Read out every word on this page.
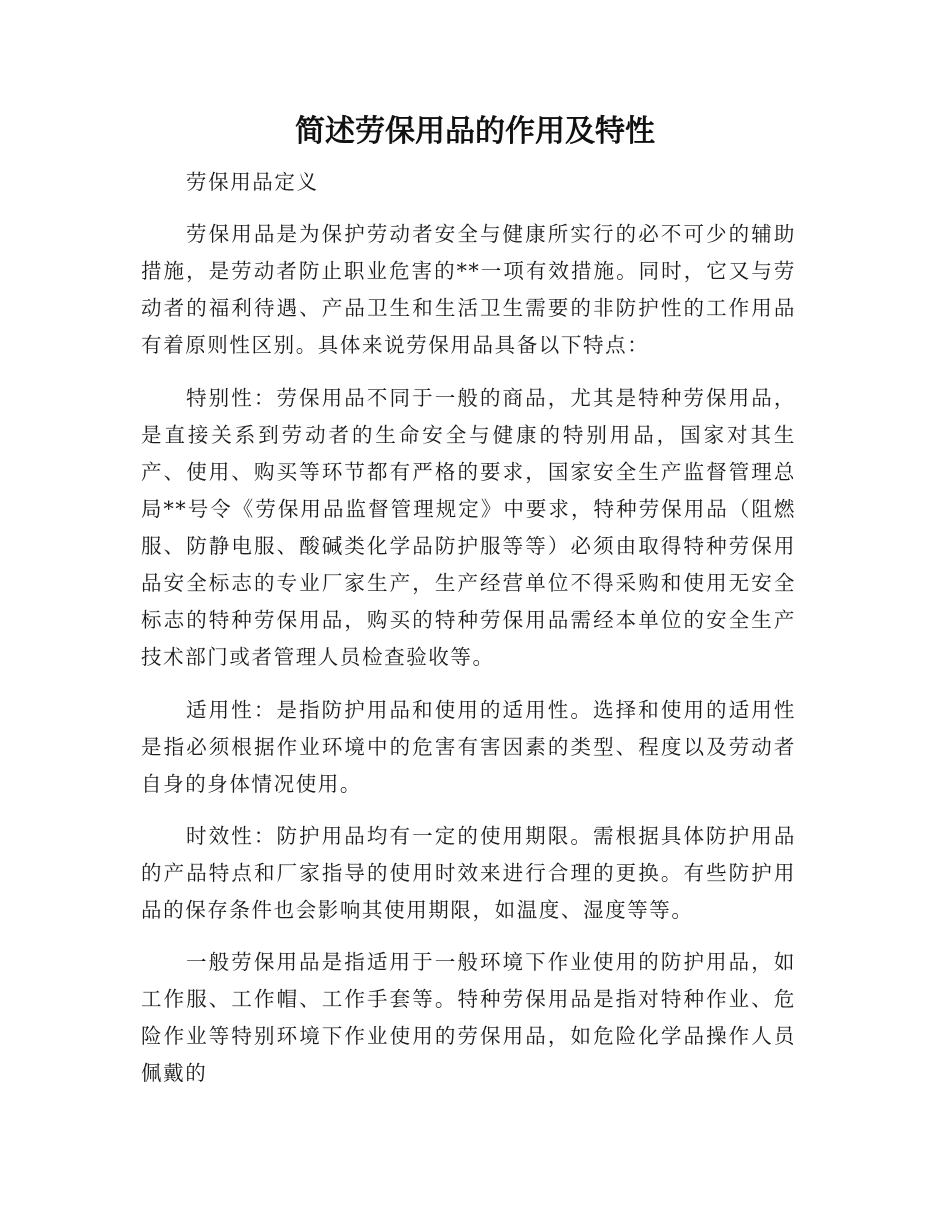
简述劳保用品的作用及特性

劳保用品定义

劳保用品是为保护劳动者安全与健康所实行的必不可少的辅助措施，是劳动者防止职业危害的**一项有效措施。同时，它又与劳动者的福利待遇、产品卫生和生活卫生需要的非防护性的工作用品有着原则性区别。具体来说劳保用品具备以下特点：

特别性：劳保用品不同于一般的商品，尤其是特种劳保用品，是直接关系到劳动者的生命安全与健康的特别用品，国家对其生产、使用、购买等环节都有严格的要求，国家安全生产监督管理总局**号令《劳保用品监督管理规定》中要求，特种劳保用品（阻燃服、防静电服、酸碱类化学品防护服等等）必须由取得特种劳保用品安全标志的专业厂家生产，生产经营单位不得采购和使用无安全标志的特种劳保用品，购买的特种劳保用品需经本单位的安全生产技术部门或者管理人员检查验收等。

适用性：是指防护用品和使用的适用性。选择和使用的适用性是指必须根据作业环境中的危害有害因素的类型、程度以及劳动者自身的身体情况使用。

时效性：防护用品均有一定的使用期限。需根据具体防护用品的产品特点和厂家指导的使用时效来进行合理的更换。有些防护用品的保存条件也会影响其使用期限，如温度、湿度等等。

一般劳保用品是指适用于一般环境下作业使用的防护用品，如工作服、工作帽、工作手套等。特种劳保用品是指对特种作业、危险作业等特别环境下作业使用的劳保用品，如危险化学品操作人员佩戴的
